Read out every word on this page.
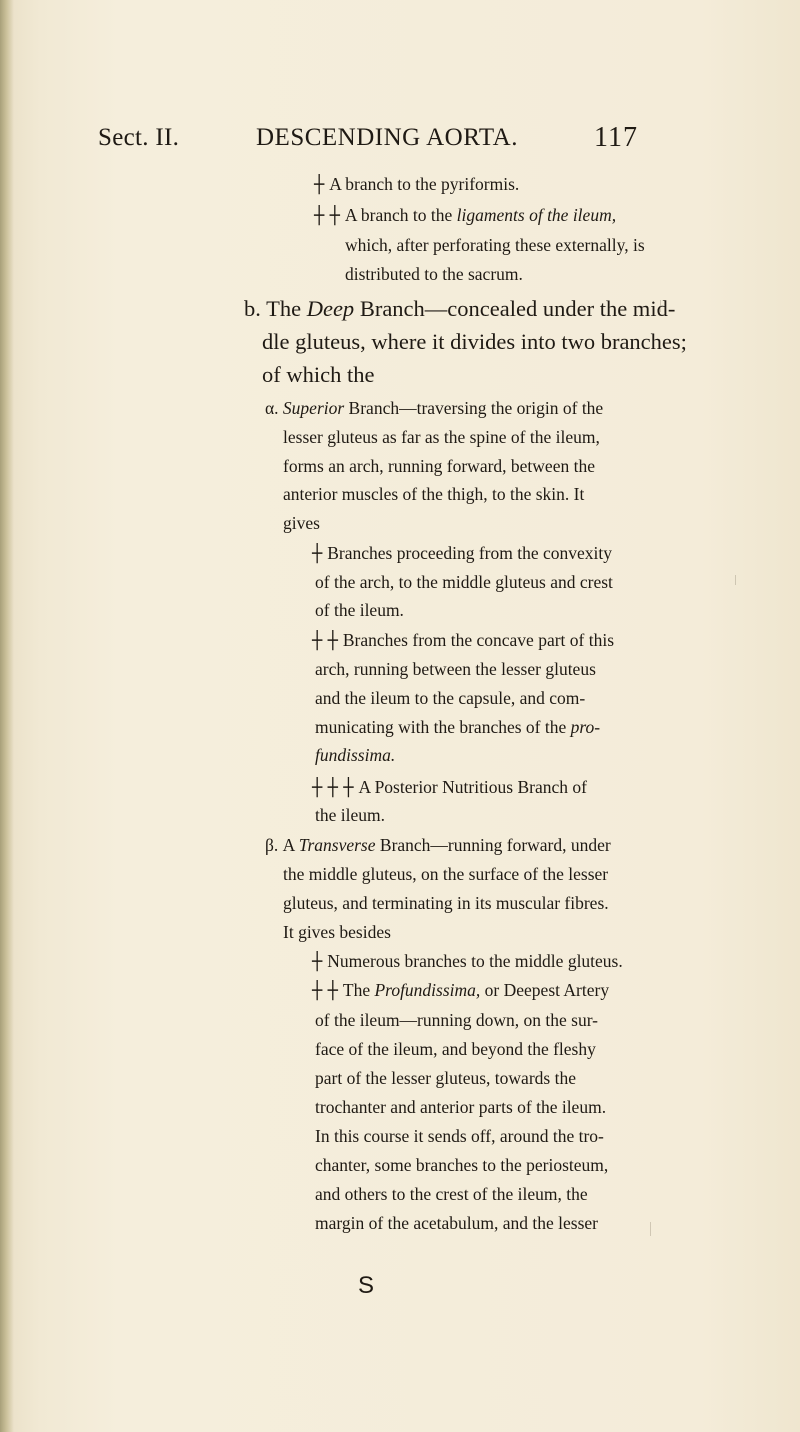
Sect. II.	DESCENDING AORTA.	117
┼ A branch to the pyriformis.
┼ ┼ A branch to the ligaments of the ileum,
which, after perforating these externally, is
distributed to the sacrum.
b. The Deep Branch—concealed under the mid-
dle gluteus, where it divides into two branches;
of which the
α. Superior Branch—traversing the origin of the
lesser gluteus as far as the spine of the ileum,
forms an arch, running forward, between the
anterior muscles of the thigh, to the skin. It
gives
┼ Branches proceeding from the convexity
of the arch, to the middle gluteus and crest
of the ileum.
┼ ┼ Branches from the concave part of this
arch, running between the lesser gluteus
and the ileum to the capsule, and com-
municating with the branches of the pro-
fundissima.
┼ ┼ ┼ A Posterior Nutritious Branch of
the ileum.
β. A Transverse Branch—running forward, under
the middle gluteus, on the surface of the lesser
gluteus, and terminating in its muscular fibres.
It gives besides
┼ Numerous branches to the middle gluteus.
┼ ┼ The Profundissima, or Deepest Artery
of the ileum—running down, on the sur-
face of the ileum, and beyond the fleshy
part of the lesser gluteus, towards the
trochanter and anterior parts of the ileum.
In this course it sends off, around the tro-
chanter, some branches to the periosteum,
and others to the crest of the ileum, the
margin of the acetabulum, and the lesser
S
